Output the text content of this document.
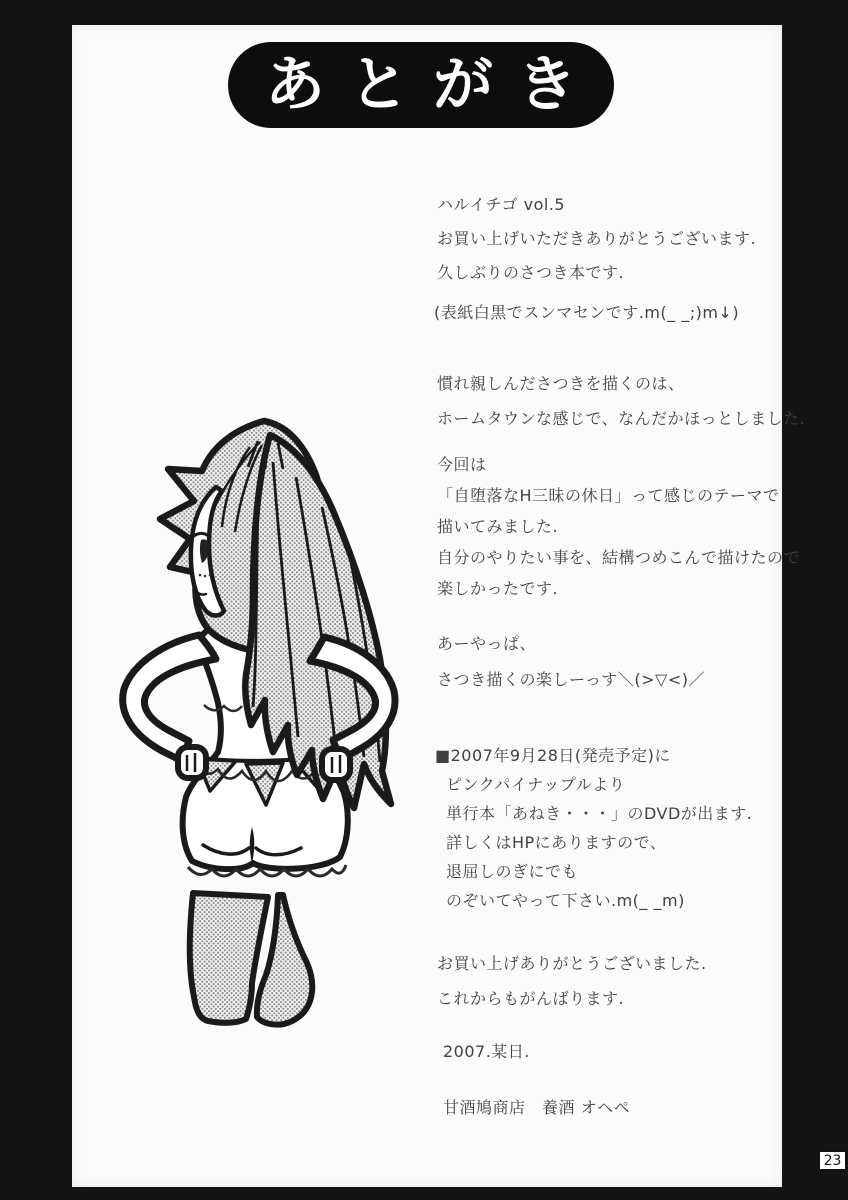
あとがき
ハルイチゴ vol.5
お買い上げいただきありがとうございます.
久しぶりのさつき本です.
(表紙白黒でスンマセンです.m(_ _;)m↓)
慣れ親しんださつきを描くのは、
ホームタウンな感じで、なんだかほっとしました.
今回は
「自堕落なH三昧の休日」って感じのテーマで
描いてみました.
自分のやりたい事を、結構つめこんで描けたので
楽しかったです.
あーやっぱ、
さつき描くの楽しーっす＼(>▽<)／
■2007年9月28日(発売予定)に
ピンクパイナップルより
単行本「あねき・・・」のDVDが出ます.
詳しくはHPにありますので、
退屈しのぎにでも
のぞいてやって下さい.m(_ _m)
お買い上げありがとうございました.
これからもがんばります.
2007.某日.
甘酒鳩商店　養酒 オヘペ
23
